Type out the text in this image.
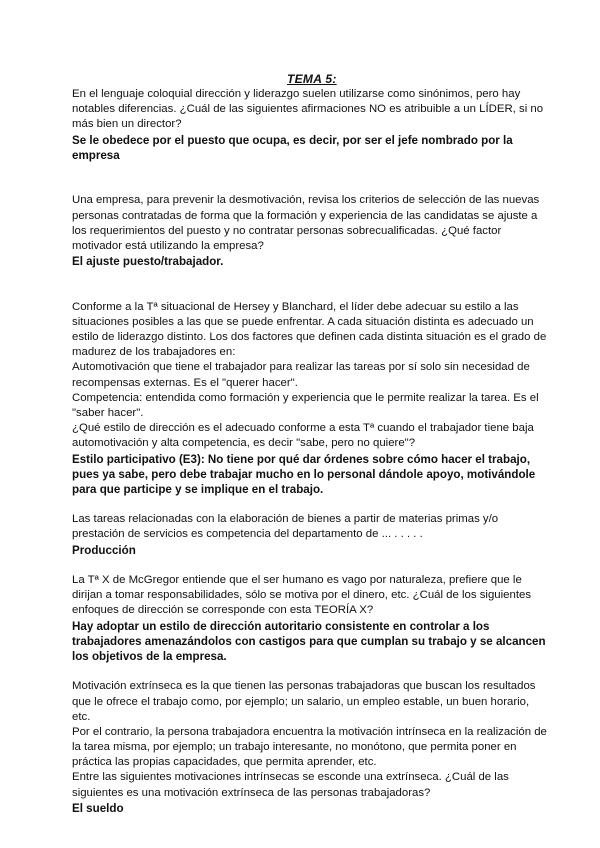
TEMA 5:
En el lenguaje coloquial dirección y liderazgo suelen utilizarse como sinónimos, pero hay
notables diferencias. ¿Cuál de las siguientes afirmaciones NO es atribuible a un LÍDER, si no
más bien un director?
Se le obedece por el puesto que ocupa, es decir, por ser el jefe nombrado por la
empresa
Una empresa, para prevenir la desmotivación, revisa los criterios de selección de las nuevas
personas contratadas de forma que la formación y experiencia de las candidatas se ajuste a
los requerimientos del puesto y no contratar personas sobrecualificadas. ¿Qué factor
motivador está utilizando la empresa?
El ajuste puesto/trabajador.
Conforme a la Tª situacional de Hersey y Blanchard, el líder debe adecuar su estilo a las
situaciones posibles a las que se puede enfrentar. A cada situación distinta es adecuado un
estilo de liderazgo distinto. Los dos factores que definen cada distinta situación es el grado de
madurez de los trabajadores en:
Automotivación que tiene el trabajador para realizar las tareas por sí solo sin necesidad de
recompensas externas. Es el "querer hacer".
Competencia: entendida como formación y experiencia que le permite realizar la tarea. Es el
"saber hacer".
¿Qué estilo de dirección es el adecuado conforme a esta Tª cuando el trabajador tiene baja
automotivación y alta competencia, es decir "sabe, pero no quiere"?
Estilo participativo (E3): No tiene por qué dar órdenes sobre cómo hacer el trabajo,
pues ya sabe, pero debe trabajar mucho en lo personal dándole apoyo, motivándole
para que participe y se implique en el trabajo.
Las tareas relacionadas con la elaboración de bienes a partir de materias primas y/o
prestación de servicios es competencia del departamento de ... . . . . .
Producción
La Tª X de McGregor entiende que el ser humano es vago por naturaleza, prefiere que le
dirijan a tomar responsabilidades, sólo se motiva por el dinero, etc. ¿Cuál de los siguientes
enfoques de dirección se corresponde con esta TEORÍA X?
Hay adoptar un estilo de dirección autoritario consistente en controlar a los
trabajadores amenazándolos con castigos para que cumplan su trabajo y se alcancen
los objetivos de la empresa.
Motivación extrínseca es la que tienen las personas trabajadoras que buscan los resultados
que le ofrece el trabajo como, por ejemplo; un salario, un empleo estable, un buen horario,
etc.
Por el contrario, la persona trabajadora encuentra la motivación intrínseca en la realización de
la tarea misma, por ejemplo; un trabajo interesante, no monótono, que permita poner en
práctica las propias capacidades, que permita aprender, etc.
Entre las siguientes motivaciones intrínsecas se esconde una extrínseca. ¿Cuál de las
siguientes es una motivación extrínseca de las personas trabajadoras?
El sueldo
